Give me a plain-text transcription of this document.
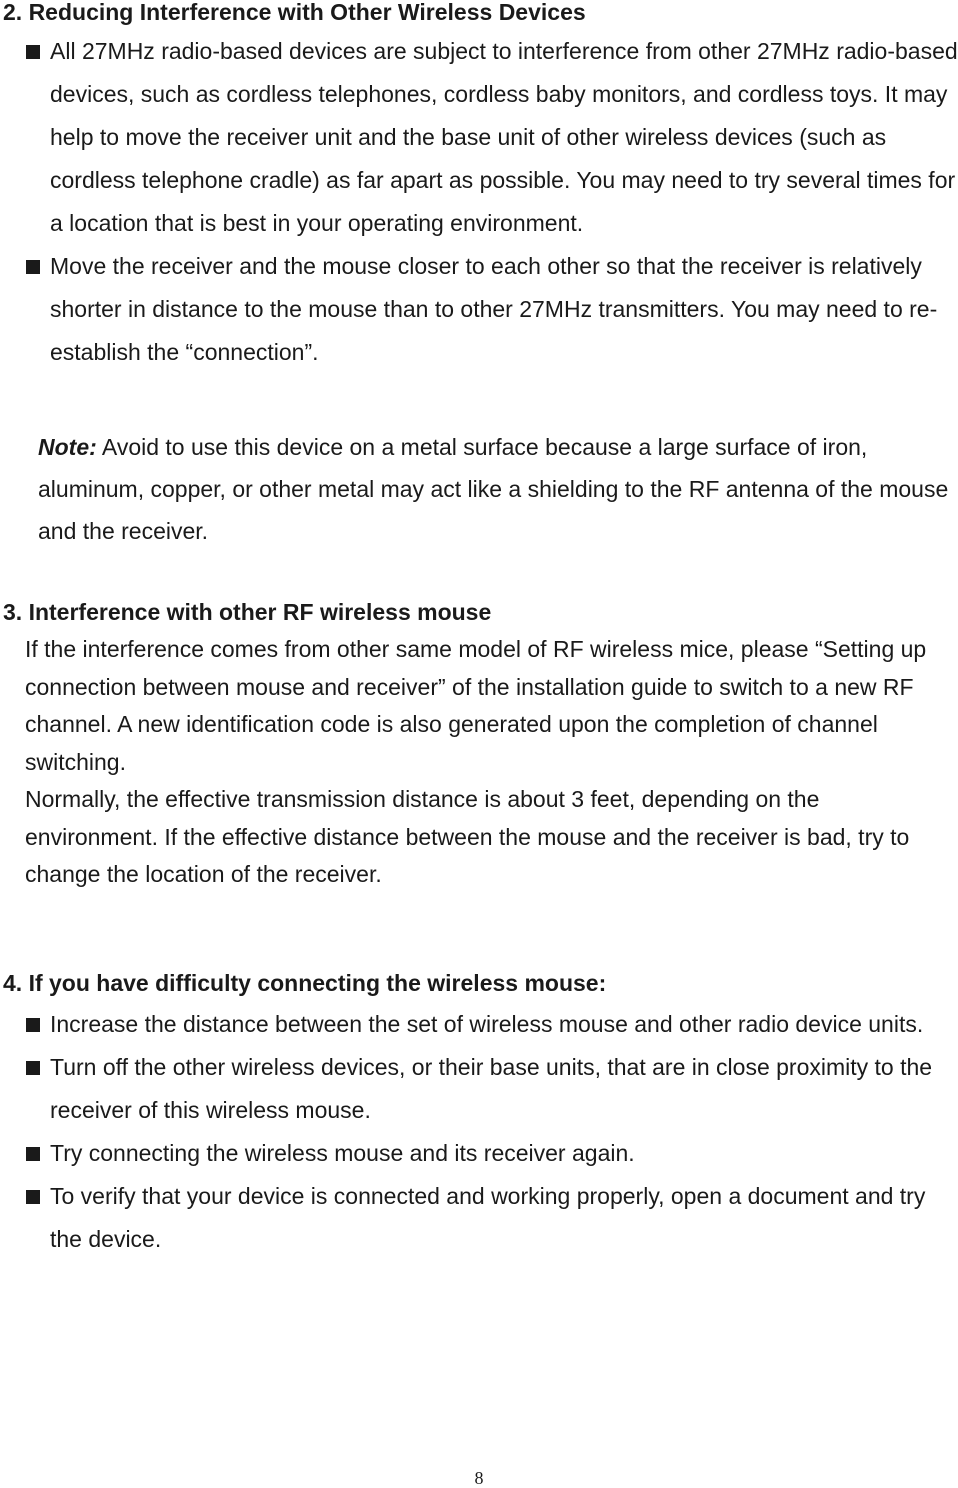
2. Reducing Interference with Other Wireless Devices
All 27MHz radio-based devices are subject to interference from other 27MHz radio-based devices, such as cordless telephones, cordless baby monitors, and cordless toys. It may help to move the receiver unit and the base unit of other wireless devices (such as cordless telephone cradle) as far apart as possible. You may need to try several times for a location that is best in your operating environment.
Move the receiver and the mouse closer to each other so that the receiver is relatively shorter in distance to the mouse than to other 27MHz transmitters. You may need to re-establish the “connection”.
Note: Avoid to use this device on a metal surface because a large surface of iron, aluminum, copper, or other metal may act like a shielding to the RF antenna of the mouse and the receiver.
3. Interference with other RF wireless mouse

If the interference comes from other same model of RF wireless mice, please “Setting up connection between mouse and receiver” of the installation guide to switch to a new RF channel. A new identification code is also generated upon the completion of channel switching.

Normally, the effective transmission distance is about 3 feet, depending on the environment. If the effective distance between the mouse and the receiver is bad, try to change the location of the receiver.

4. If you have difficulty connecting the wireless mouse:
Increase the distance between the set of wireless mouse and other radio device units.
Turn off the other wireless devices, or their base units, that are in close proximity to the receiver of this wireless mouse.
Try connecting the wireless mouse and its receiver again.
To verify that your device is connected and working properly, open a document and try the device.
8
